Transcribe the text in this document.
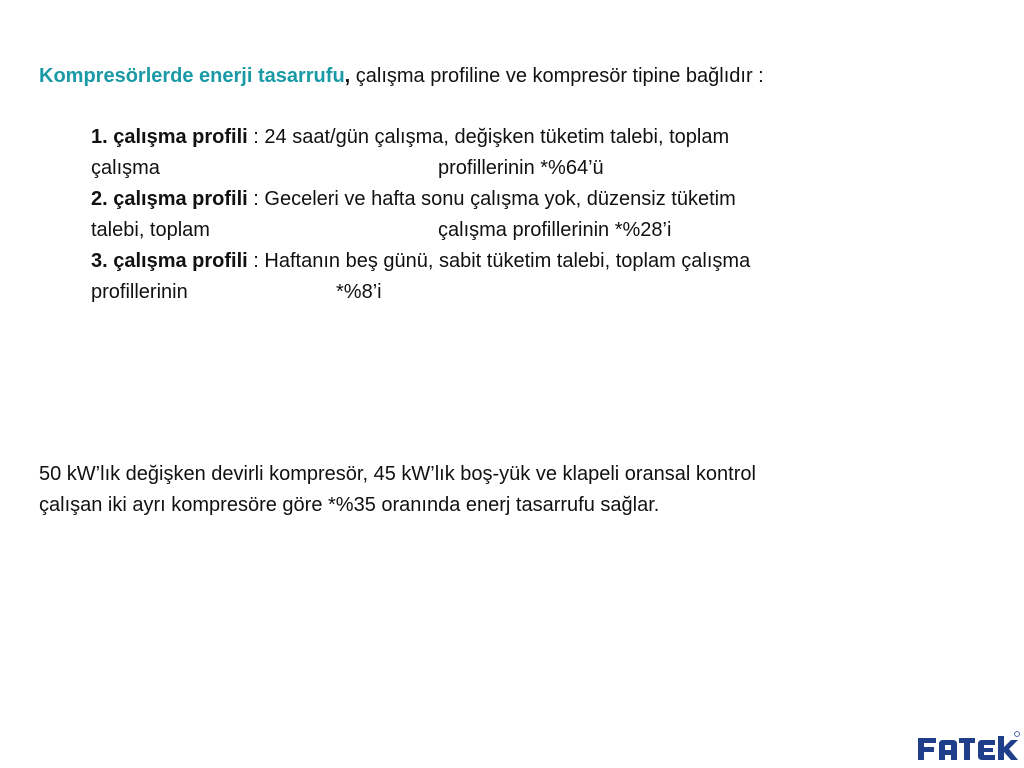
Kompresörlerde enerji tasarrufu, çalışma profiline ve kompresör tipine bağlıdır :
1. çalışma profili : 24 saat/gün çalışma, değişken tüketim talebi, toplam
çalışma	profillerinin *%64’ü
2. çalışma profili : Geceleri ve hafta sonu çalışma yok, düzensiz tüketim
talebi, toplam	çalışma profillerinin *%28’i
3. çalışma profili : Haftanın beş günü, sabit tüketim talebi, toplam çalışma
profillerinin	*%8’i
50 kW’lık değişken devirli kompresör, 45 kW’lık boş-yük ve klapeli oransal kontrol
çalışan iki ayrı kompresöre göre *%35 oranında enerj tasarrufu sağlar.
